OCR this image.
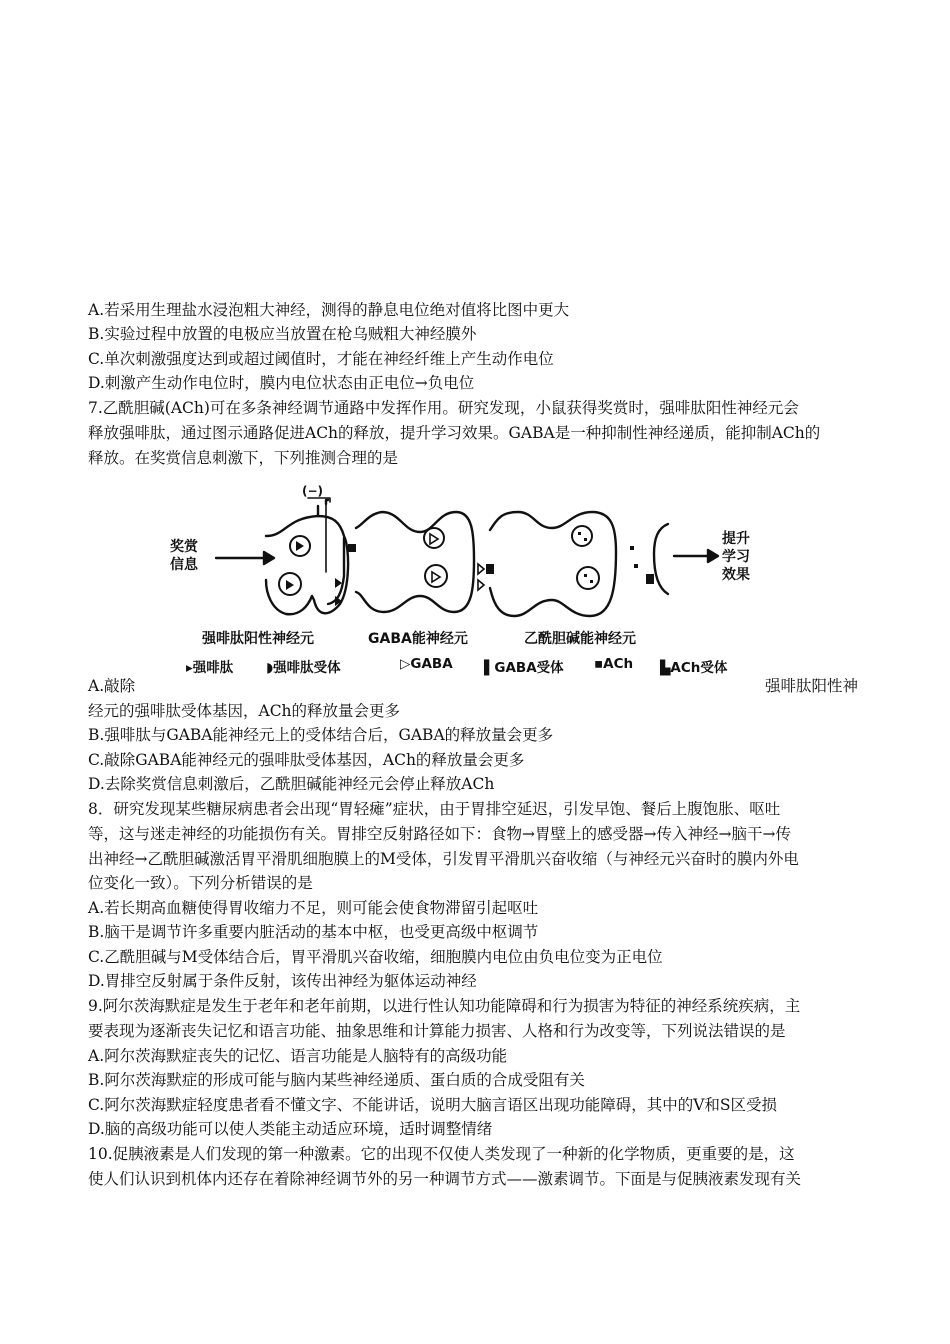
A.若采用生理盐水浸泡粗大神经，测得的静息电位绝对值将比图中更大
B.实验过程中放置的电极应当放置在枪乌贼粗大神经膜外
C.单次刺激强度达到或超过阈值时，才能在神经纤维上产生动作电位
D.刺激产生动作电位时，膜内电位状态由正电位→负电位
7.乙酰胆碱(ACh)可在多条神经调节通路中发挥作用。研究发现，小鼠获得奖赏时，强啡肽阳性神经元会
释放强啡肽，通过图示通路促进ACh的释放，提升学习效果。GABA是一种抑制性神经递质，能抑制ACh的
释放。在奖赏信息刺激下，下列推测合理的是
奖赏
信息
提升
学习
效果
(−)
强啡肽阳性神经元	GABA能神经元	乙酰胆碱能神经元
▸强啡肽 ◗强啡肽受体	▷GABA ▌GABA受体 ▪ACh ▙ACh受体
A.敲除	强啡肽阳性神
经元的强啡肽受体基因，ACh的释放量会更多
B.强啡肽与GABA能神经元上的受体结合后，GABA的释放量会更多
C.敲除GABA能神经元的强啡肽受体基因，ACh的释放量会更多
D.去除奖赏信息刺激后，乙酰胆碱能神经元会停止释放ACh
8．研究发现某些糖尿病患者会出现“胃轻瘫”症状，由于胃排空延迟，引发早饱、餐后上腹饱胀、呕吐
等，这与迷走神经的功能损伤有关。胃排空反射路径如下：食物→胃壁上的感受器→传入神经→脑干→传
出神经→乙酰胆碱激活胃平滑肌细胞膜上的M受体，引发胃平滑肌兴奋收缩（与神经元兴奋时的膜内外电
位变化一致）。下列分析错误的是
A.若长期高血糖使得胃收缩力不足，则可能会使食物滞留引起呕吐
B.脑干是调节许多重要内脏活动的基本中枢，也受更高级中枢调节
C.乙酰胆碱与M受体结合后，胃平滑肌兴奋收缩，细胞膜内电位由负电位变为正电位
D.胃排空反射属于条件反射，该传出神经为躯体运动神经
9.阿尔茨海默症是发生于老年和老年前期，以进行性认知功能障碍和行为损害为特征的神经系统疾病，主
要表现为逐渐丧失记忆和语言功能、抽象思维和计算能力损害、人格和行为改变等，下列说法错误的是
A.阿尔茨海默症丧失的记忆、语言功能是人脑特有的高级功能
B.阿尔茨海默症的形成可能与脑内某些神经递质、蛋白质的合成受阻有关
C.阿尔茨海默症轻度患者看不懂文字、不能讲话，说明大脑言语区出现功能障碍，其中的V和S区受损
D.脑的高级功能可以使人类能主动适应环境，适时调整情绪
10.促胰液素是人们发现的第一种激素。它的出现不仅使人类发现了一种新的化学物质，更重要的是，这
使人们认识到机体内还存在着除神经调节外的另一种调节方式——激素调节。下面是与促胰液素发现有关
